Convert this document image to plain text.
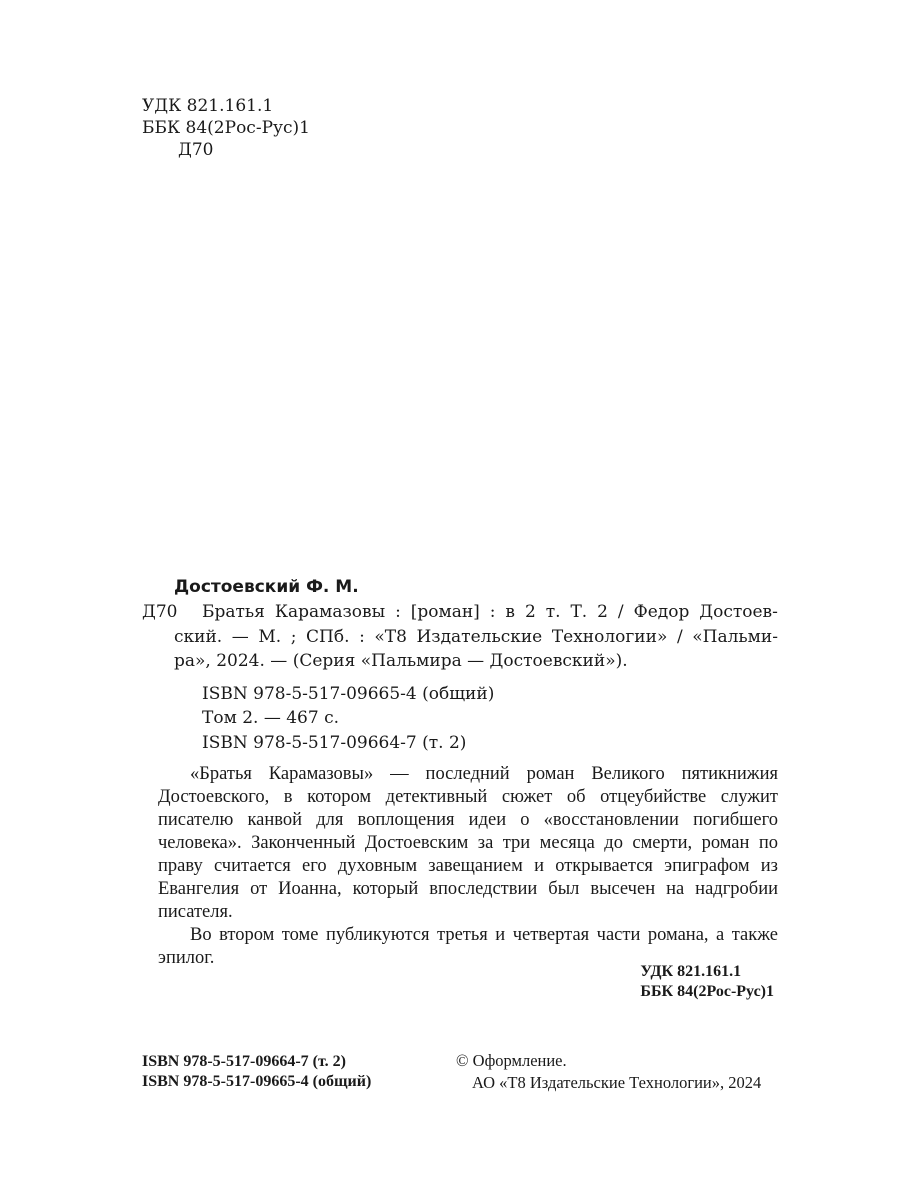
УДК 821.161.1
ББК 84(2Рос-Рус)1
Д70
Достоевский Ф. М.
Д70 Братья Карамазовы : [роман] : в 2 т. Т. 2 / Федор Достоев-
ский. — М. ; СПб. : «Т8 Издательские Технологии» / «Пальми-
ра», 2024. — (Серия «Пальмира — Достоевский»).
ISBN 978-5-517-09665-4 (общий)
Том 2. — 467 с.
ISBN 978-5-517-09664-7 (т. 2)

«Братья Карамазовы» — последний роман Великого пятикнижия Достоевского, в котором детективный сюжет об отцеубийстве служит писателю канвой для воплощения идеи о «восстановлении погибшего человека». Законченный Достоевским за три месяца до смерти, роман по праву считается его духовным завещанием и открывается эпиграфом из Евангелия от Иоанна, который впоследствии был высечен на надгробии писателя.

Во втором томе публикуются третья и четвертая части романа, а также эпилог.

УДК 821.161.1
ББК 84(2Рос-Рус)1
ISBN 978-5-517-09664-7 (т. 2)
ISBN 978-5-517-09665-4 (общий)
© Оформление.
АО «Т8 Издательские Технологии», 2024
